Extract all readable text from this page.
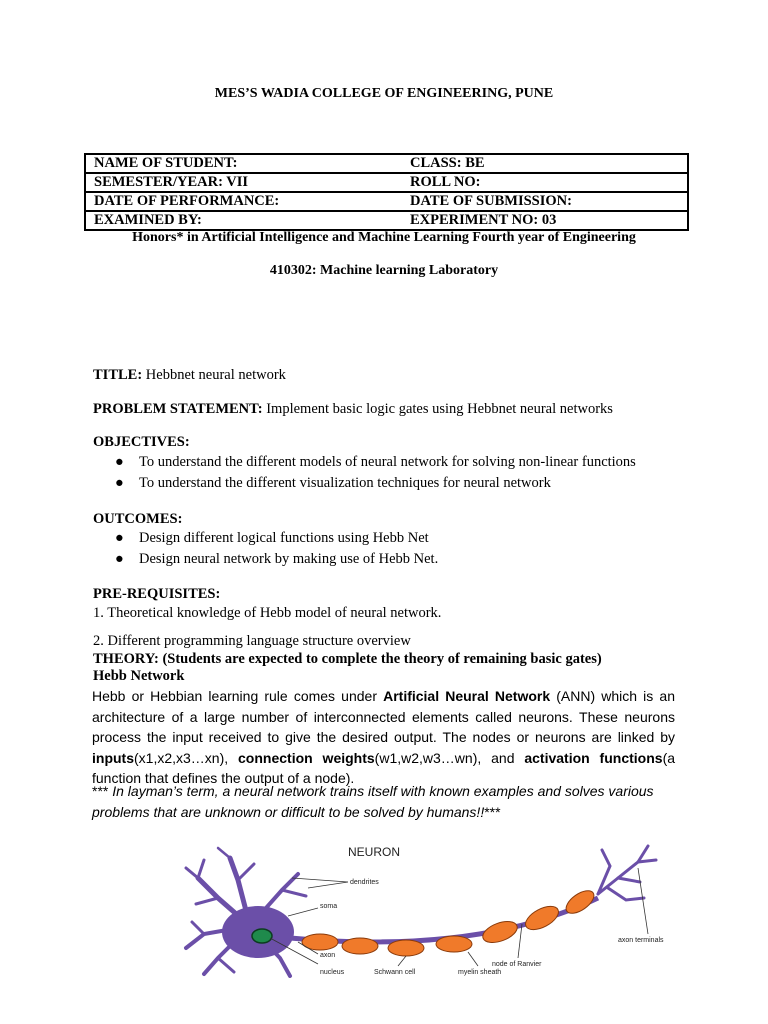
MES’S WADIA COLLEGE OF ENGINEERING, PUNE
NAME OF STUDENT:	CLASS: BE
SEMESTER/YEAR: VII	ROLL NO:
DATE OF PERFORMANCE:	DATE OF SUBMISSION:
EXAMINED BY:	EXPERIMENT NO: 03
Honors* in Artificial Intelligence and Machine Learning Fourth year of Engineering
410302: Machine learning Laboratory
TITLE: Hebbnet neural network
PROBLEM STATEMENT: Implement basic logic gates using Hebbnet neural networks
OBJECTIVES:
● To understand the different models of neural network for solving non-linear functions
● To understand the different visualization techniques for neural network
OUTCOMES:
● Design different logical functions using Hebb Net
● Design neural network by making use of Hebb Net.
PRE-REQUISITES:
1. Theoretical knowledge of Hebb model of neural network.
2. Different programming language structure overview
THEORY: (Students are expected to complete the theory of remaining basic gates)
Hebb Network
Hebb or Hebbian learning rule comes under Artificial Neural Network (ANN) which is an
architecture of a large number of interconnected elements called neurons. These neurons
process the input received to give the desired output. The nodes or neurons are linked by
inputs(x1,x2,x3…xn), connection weights(w1,w2,w3…wn), and activation functions(a
function that defines the output of a node).
*** In layman’s term, a neural network trains itself with known examples and solves various
problems that are unknown or difficult to be solved by humans!!***
NEURON
dendrites
soma
axon
nucleus	Schwann cell	myelin sheath
node of Ranvier
axon terminals
